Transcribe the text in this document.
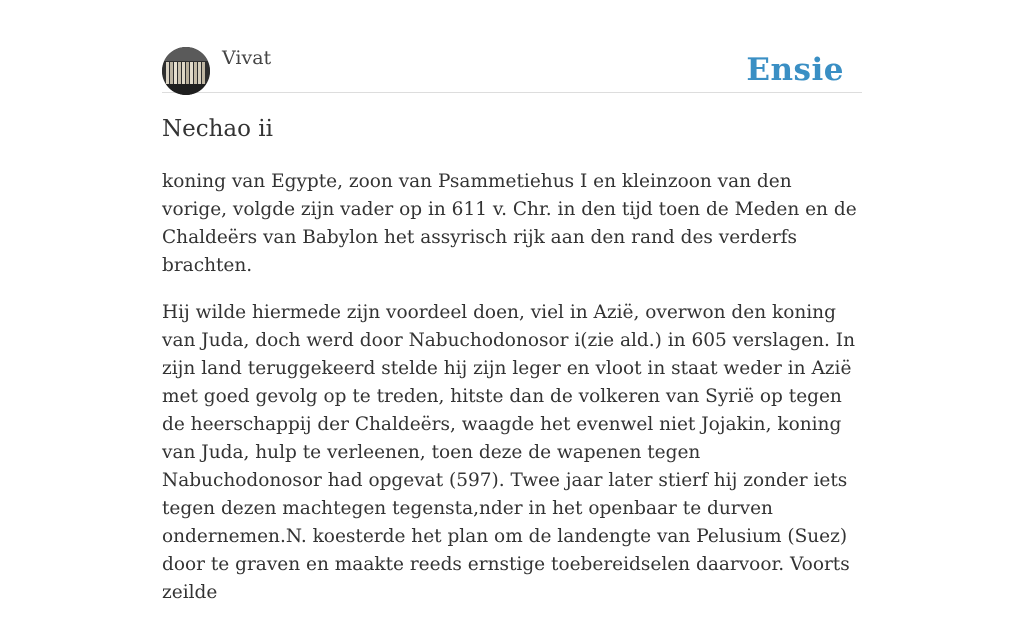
Vivat	Ensie
Nechao ii

koning van Egypte, zoon van Psammetiehus I en kleinzoon van den vorige, volgde zijn vader op in 611 v. Chr. in den tijd toen de Meden en de Chaldeërs van Babylon het assyrisch rijk aan den rand des verderfs brachten.

Hij wilde hiermede zijn voordeel doen, viel in Azië, overwon den koning van Juda, doch werd door Nabuchodonosor i(zie ald.) in 605 verslagen. In zijn land teruggekeerd stelde hij zijn leger en vloot in staat weder in Azië met goed gevolg op te treden, hitste dan de volkeren van Syrië op tegen de heerschappij der Chaldeërs, waagde het evenwel niet Jojakin, koning van Juda, hulp te verleenen, toen deze de wapenen tegen Nabuchodonosor had opgevat (597). Twee jaar later stierf hij zonder iets tegen dezen machtegen tegensta,nder in het openbaar te durven ondernemen.N. koesterde het plan om de landengte van Pelusium (Suez) door te graven en maakte reeds ernstige toebereidselen daarvoor. Voorts zeilde
